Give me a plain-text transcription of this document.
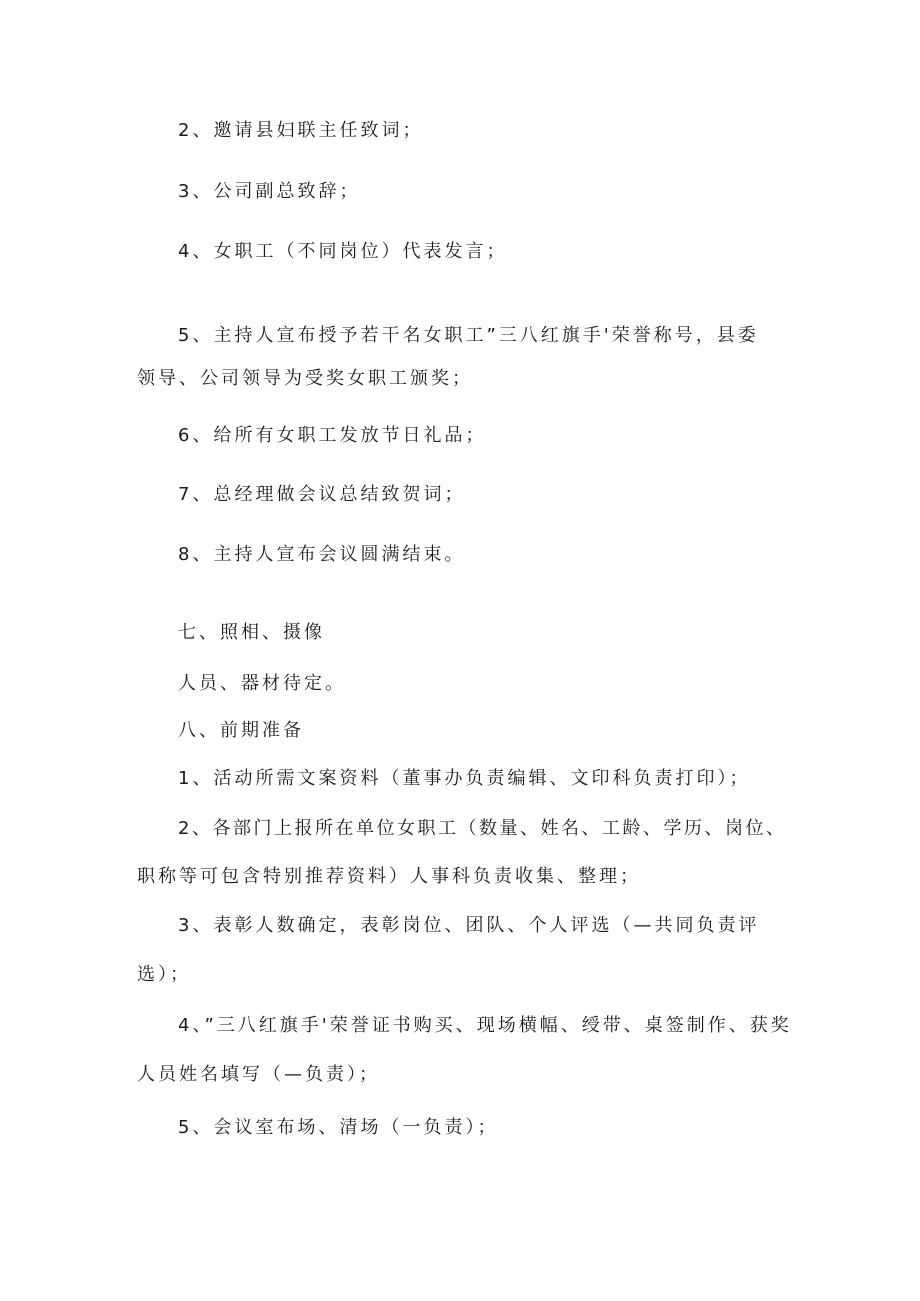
2、邀请县妇联主任致词；
3、公司副总致辞；
4、女职工（不同岗位）代表发言；
5、主持人宣布授予若干名女职工”三八红旗手'荣誉称号，县委
领导、公司领导为受奖女职工颁奖；
6、给所有女职工发放节日礼品；
7、总经理做会议总结致贺词；
8、主持人宣布会议圆满结束。
七、照相、摄像
人员、器材待定。
八、前期准备
1、活动所需文案资料（董事办负责编辑、文印科负责打印）；
2、各部门上报所在单位女职工（数量、姓名、工龄、学历、岗位、
职称等可包含特别推荐资料）人事科负责收集、整理；
3、表彰人数确定，表彰岗位、团队、个人评选（—共同负责评
选）；
4、”三八红旗手'荣誉证书购买、现场横幅、绶带、桌签制作、获奖
人员姓名填写（—负责）；
5、会议室布场、清场（一负责）；
